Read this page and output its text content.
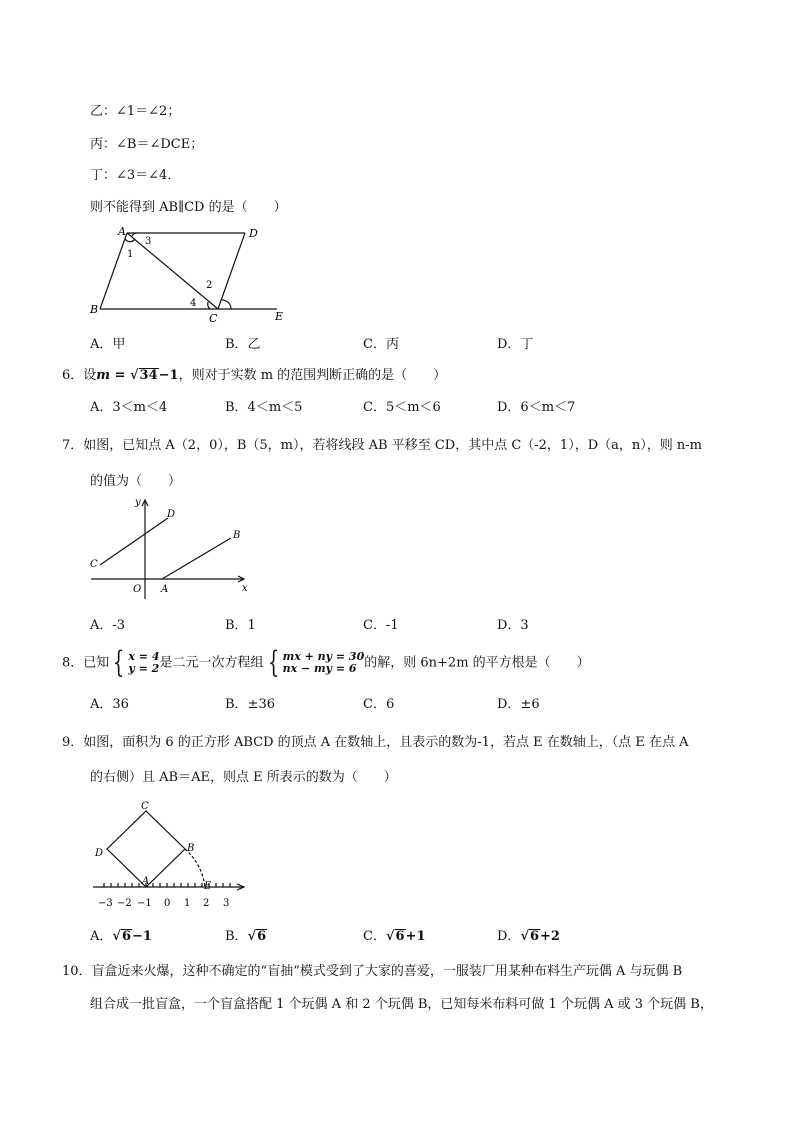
乙：∠1＝∠2；
丙：∠B＝∠DCE；
丁：∠3＝∠4．
则不能得到 AB∥CD 的是（　　）
A	D
B
C	E
1
3
2
4
A．甲	B．乙	C．丙	D．丁
6．设m = √34−1，则对于实数 m 的范围判断正确的是（　　）
A．3＜m＜4	B．4＜m＜5	C．5＜m＜6	D．6＜m＜7
7．如图，已知点 A（2，0），B（5，m），若将线段 AB 平移至 CD，其中点 C（-2，1），D（a，n），则 n-m
的值为（　　）
y
x
O A
B
C
D
A．-3	B．1	C．-1	D．3
8．已知 { x = 4
y = 2是二元一次方程组 { mx + ny = 30
nx − my = 6 的解，则 6n+2m 的平方根是（　　）
A．36	B．±36	C．6	D．±6
9．如图，面积为 6 的正方形 ABCD 的顶点 A 在数轴上，且表示的数为-1，若点 E 在数轴上，（点 E 在点 A
的右侧）且 AB＝AE，则点 E 所表示的数为（　　）
C
D	B
A	E
−3 −2 −1 0 1 2 3
A．√6−1	B．√6	C．√6+1	D．√6+2
10．盲盒近来火爆，这种不确定的“盲抽”模式受到了大家的喜爱，一服装厂用某种布料生产玩偶 A 与玩偶 B
组合成一批盲盒，一个盲盒搭配 1 个玩偶 A 和 2 个玩偶 B，已知每米布料可做 1 个玩偶 A 或 3 个玩偶 B，
